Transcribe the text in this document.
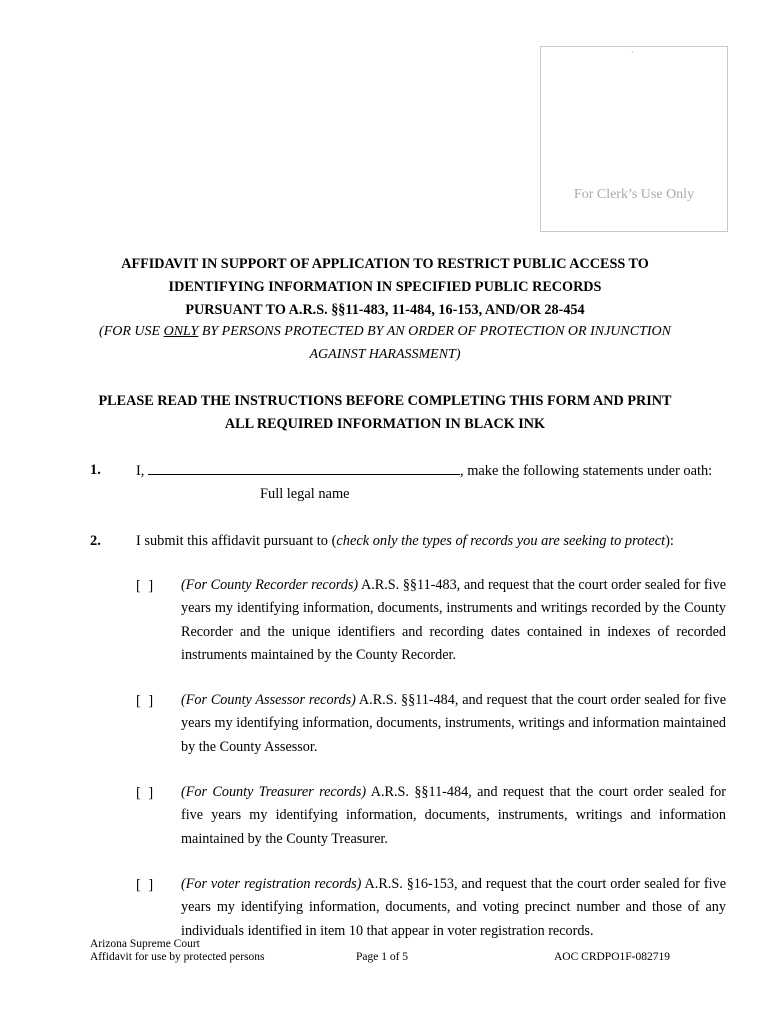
`
For Clerk’s Use Only
AFFIDAVIT IN SUPPORT OF APPLICATION TO RESTRICT PUBLIC ACCESS TO
IDENTIFYING INFORMATION IN SPECIFIED PUBLIC RECORDS
PURSUANT TO A.R.S. §§11-483, 11-484, 16-153, AND/OR 28-454
(FOR USE ONLY BY PERSONS PROTECTED BY AN ORDER OF PROTECTION OR INJUNCTION
AGAINST HARASSMENT)
PLEASE READ THE INSTRUCTIONS BEFORE COMPLETING THIS FORM AND PRINT
ALL REQUIRED INFORMATION IN BLACK INK
1. I,	, make the following statements under oath:
Full legal name
2. I submit this affidavit pursuant to (check only the types of records you are seeking to protect):
[ ] (For County Recorder records) A.R.S. §§11-483, and request that the court order sealed for five years my identifying information, documents, instruments and writings recorded by the County Recorder and the unique identifiers and recording dates contained in indexes of recorded instruments maintained by the County Recorder.
[ ] (For County Assessor records) A.R.S. §§11-484, and request that the court order sealed for five years my identifying information, documents, instruments, writings and information maintained by the County Assessor.
[ ] (For County Treasurer records) A.R.S. §§11-484, and request that the court order sealed for five years my identifying information, documents, instruments, writings and information maintained by the County Treasurer.
[ ] (For voter registration records) A.R.S. §16-153, and request that the court order sealed for five years my identifying information, documents, and voting precinct number and those of any individuals identified in item 10 that appear in voter registration records.
Arizona Supreme Court
Affidavit for use by protected persons	Page 1 of 5	AOC CRDPO1F-082719
